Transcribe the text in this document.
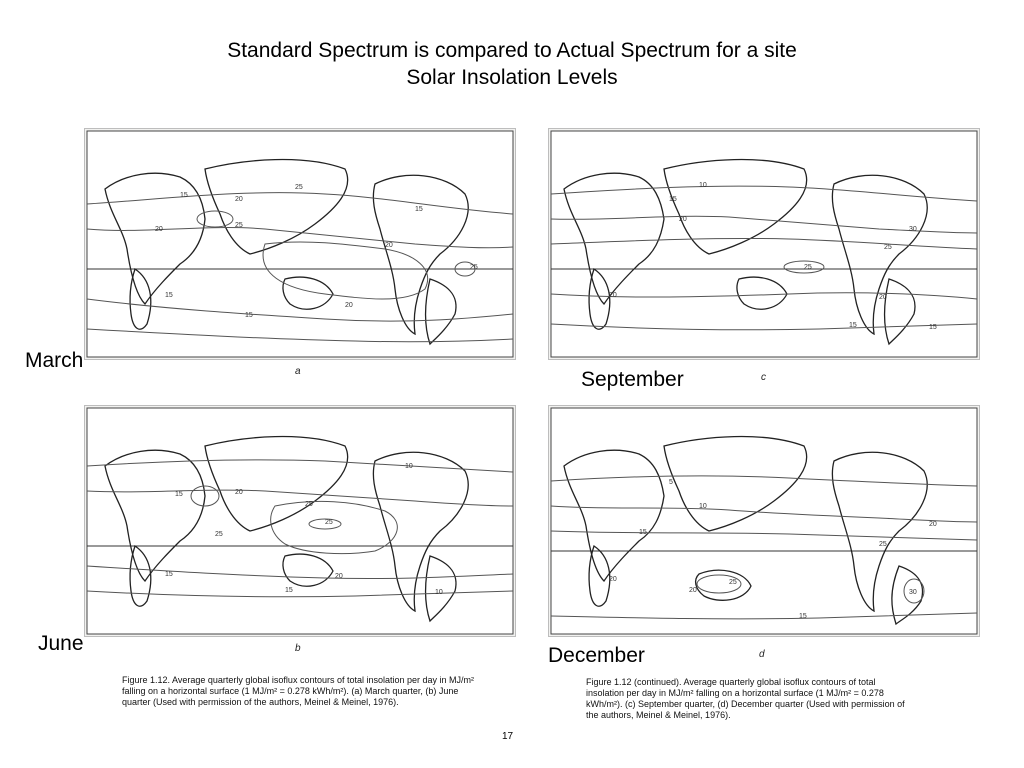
Standard Spectrum is compared to Actual Spectrum for a site
Solar Insolation Levels
15
20
25
15
20
25
20
15
15
20
25
a
March
10
15
20
25
30
25
20
15
20
15
c
September
25
20
25
15
10
15
25
20
15	10
b
June
5
10
15
20	25
30
20
25
15
20
d
December
Figure 1.12. Average quarterly global isoflux contours of total insolation per day in MJ/m² falling on a horizontal surface (1 MJ/m² = 0.278 kWh/m²). (a) March quarter, (b) June quarter (Used with permission of the authors, Meinel & Meinel, 1976).
Figure 1.12 (continued). Average quarterly global isoflux contours of total insolation per day in MJ/m² falling on a horizontal surface (1 MJ/m² = 0.278 kWh/m²). (c) September quarter, (d) December quarter (Used with permission of the authors, Meinel & Meinel, 1976).
17
